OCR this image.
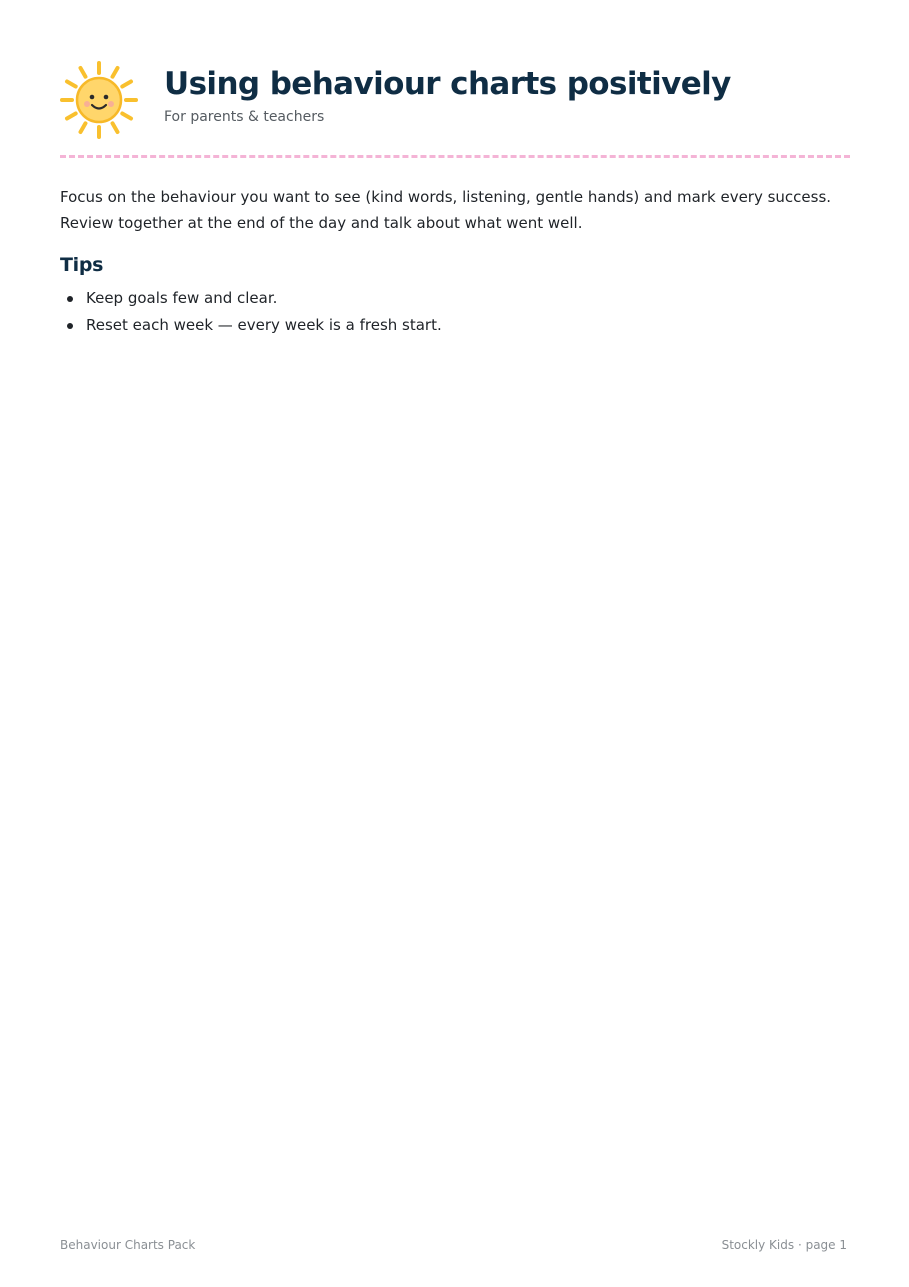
Using behaviour charts positively
For parents & teachers

Focus on the behaviour you want to see (kind words, listening, gentle hands) and mark every success. Review together at the end of the day and talk about what went well.

Tips
Keep goals few and clear.
Reset each week — every week is a fresh start.
Behaviour Charts Pack	Stockly Kids · page 1
